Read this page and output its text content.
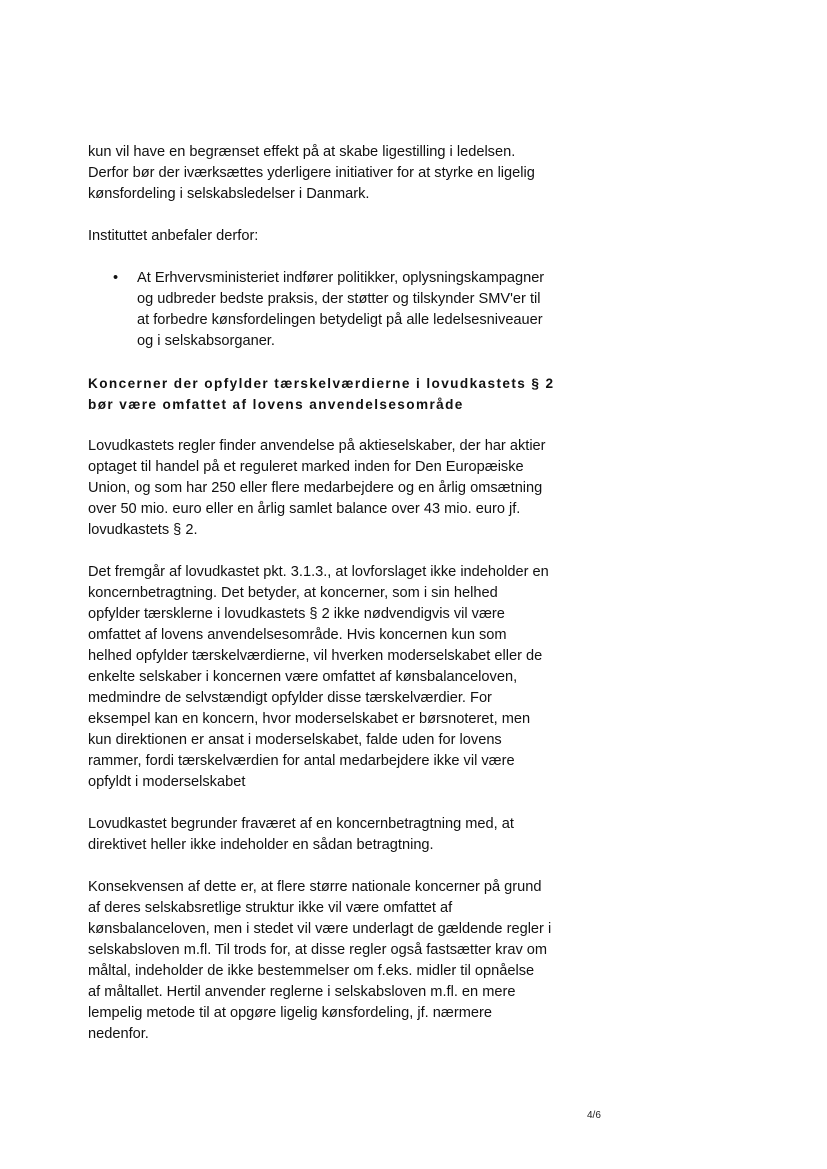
kun vil have en begrænset effekt på at skabe ligestilling i ledelsen.
Derfor bør der iværksættes yderligere initiativer for at styrke en ligelig
kønsfordeling i selskabsledelser i Danmark.
Instituttet anbefaler derfor:
• At Erhvervsministeriet indfører politikker, oplysningskampagner
og udbreder bedste praksis, der støtter og tilskynder SMV'er til
at forbedre kønsfordelingen betydeligt på alle ledelsesniveauer
og i selskabsorganer.
Koncerner der opfylder tærskelværdierne i lovudkastets § 2
bør være omfattet af lovens anvendelsesområde
Lovudkastets regler finder anvendelse på aktieselskaber, der har aktier
optaget til handel på et reguleret marked inden for Den Europæiske
Union, og som har 250 eller flere medarbejdere og en årlig omsætning
over 50 mio. euro eller en årlig samlet balance over 43 mio. euro jf.
lovudkastets § 2.
Det fremgår af lovudkastet pkt. 3.1.3., at lovforslaget ikke indeholder en
koncernbetragtning. Det betyder, at koncerner, som i sin helhed
opfylder tærsklerne i lovudkastets § 2 ikke nødvendigvis vil være
omfattet af lovens anvendelsesområde. Hvis koncernen kun som
helhed opfylder tærskelværdierne, vil hverken moderselskabet eller de
enkelte selskaber i koncernen være omfattet af kønsbalanceloven,
medmindre de selvstændigt opfylder disse tærskelværdier. For
eksempel kan en koncern, hvor moderselskabet er børsnoteret, men
kun direktionen er ansat i moderselskabet, falde uden for lovens
rammer, fordi tærskelværdien for antal medarbejdere ikke vil være
opfyldt i moderselskabet
Lovudkastet begrunder fraværet af en koncernbetragtning med, at
direktivet heller ikke indeholder en sådan betragtning.
Konsekvensen af dette er, at flere større nationale koncerner på grund
af deres selskabsretlige struktur ikke vil være omfattet af
kønsbalanceloven, men i stedet vil være underlagt de gældende regler i
selskabsloven m.fl. Til trods for, at disse regler også fastsætter krav om
måltal, indeholder de ikke bestemmelser om f.eks. midler til opnåelse
af måltallet. Hertil anvender reglerne i selskabsloven m.fl. en mere
lempelig metode til at opgøre ligelig kønsfordeling, jf. nærmere
nedenfor.
4/6
